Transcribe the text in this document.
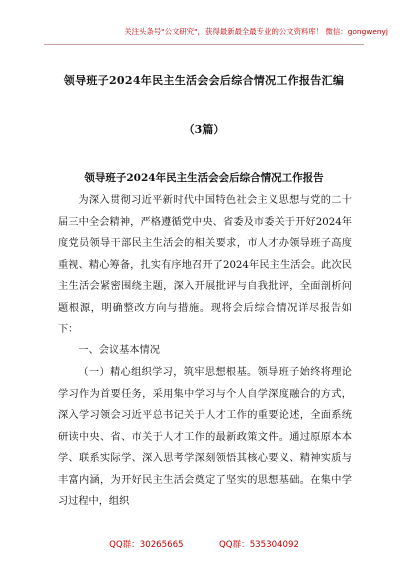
关注头条号"公文研究"，获得最新最全最专业的公文资料库！ 微信：gongwenyj
领导班子2024年民主生活会会后综合情况工作报告汇编
（3篇）
领导班子2024年民主生活会会后综合情况工作报告

为深入贯彻习近平新时代中国特色社会主义思想与党的二十届三中全会精神，严格遵循党中央、省委及市委关于开好2024年度党员领导干部民主生活会的相关要求，市人才办领导班子高度重视、精心筹备，扎实有序地召开了2024年民主生活会。此次民主生活会紧密围绕主题，深入开展批评与自我批评，全面剖析问题根源，明确整改方向与措施。现将会后综合情况详尽报告如下：

一、会议基本情况

（一）精心组织学习，筑牢思想根基。领导班子始终将理论学习作为首要任务，采用集中学习与个人自学深度融合的方式，深入学习领会习近平总书记关于人才工作的重要论述，全面系统研读中央、省、市关于人才工作的最新政策文件。通过原原本本学、联系实际学、深入思考学深刻领悟其核心要义、精神实质与丰富内涵，为开好民主生活会奠定了坚实的思想基础。在集中学习过程中，组织

QQ群：30265665	QQ群：535304092
